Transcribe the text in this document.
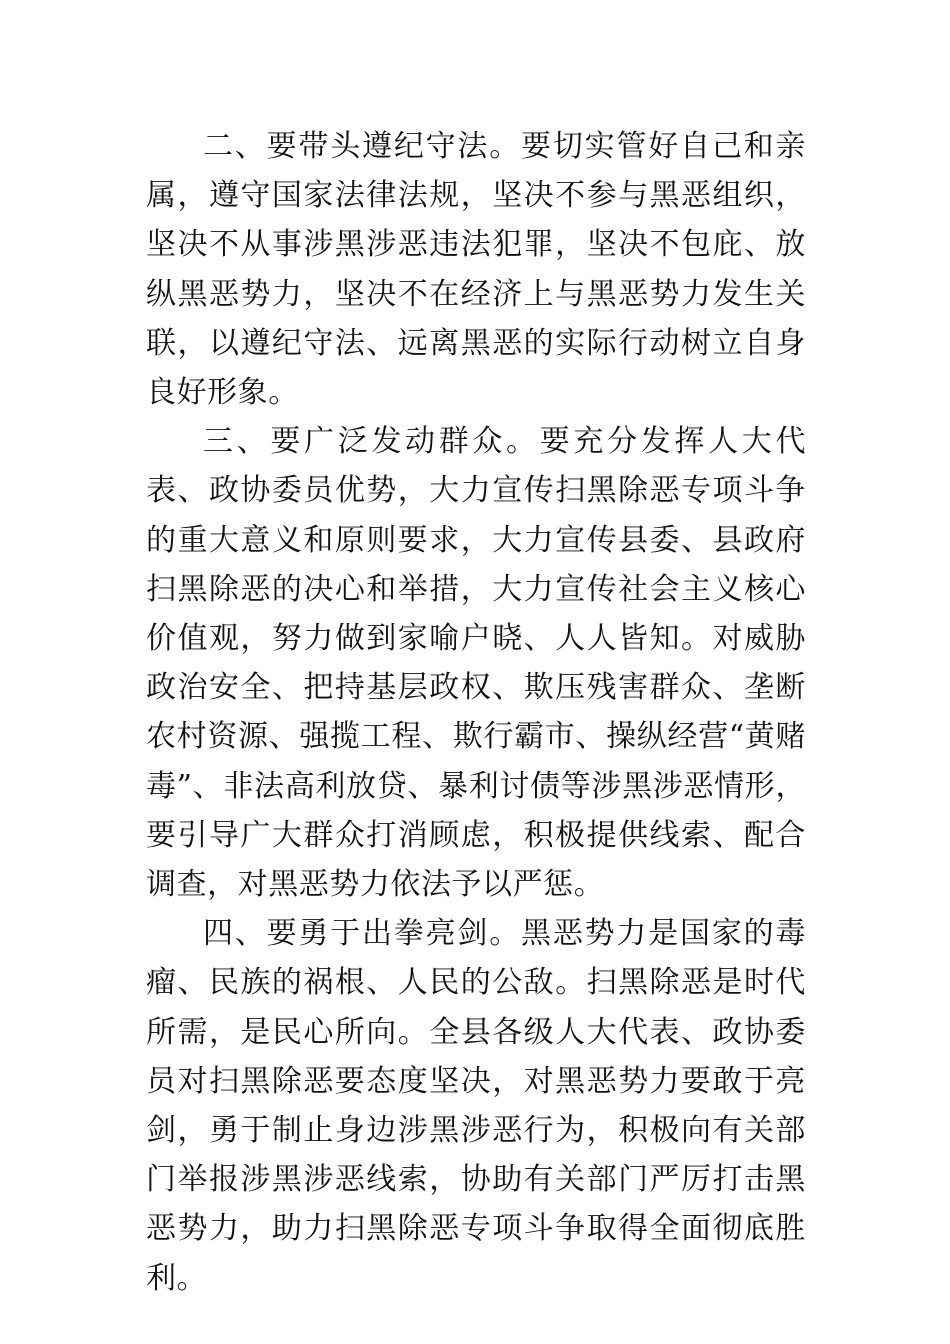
二、要带头遵纪守法。要切实管好自己和亲属，遵守国家法律法规，坚决不参与黑恶组织，坚决不从事涉黑涉恶违法犯罪，坚决不包庇、放纵黑恶势力，坚决不在经济上与黑恶势力发生关联，以遵纪守法、远离黑恶的实际行动树立自身良好形象。

三、要广泛发动群众。要充分发挥人大代表、政协委员优势，大力宣传扫黑除恶专项斗争的重大意义和原则要求，大力宣传县委、县政府扫黑除恶的决心和举措，大力宣传社会主义核心价值观，努力做到家喻户晓、人人皆知。对威胁政治安全、把持基层政权、欺压残害群众、垄断农村资源、强揽工程、欺行霸市、操纵经营“黄赌毒”、非法高利放贷、暴利讨债等涉黑涉恶情形，要引导广大群众打消顾虑，积极提供线索、配合调查，对黑恶势力依法予以严惩。

四、要勇于出拳亮剑。黑恶势力是国家的毒瘤、民族的祸根、人民的公敌。扫黑除恶是时代所需，是民心所向。全县各级人大代表、政协委员对扫黑除恶要态度坚决，对黑恶势力要敢于亮剑，勇于制止身边涉黑涉恶行为，积极向有关部门举报涉黑涉恶线索，协助有关部门严厉打击黑恶势力，助力扫黑除恶专项斗争取得全面彻底胜利。
